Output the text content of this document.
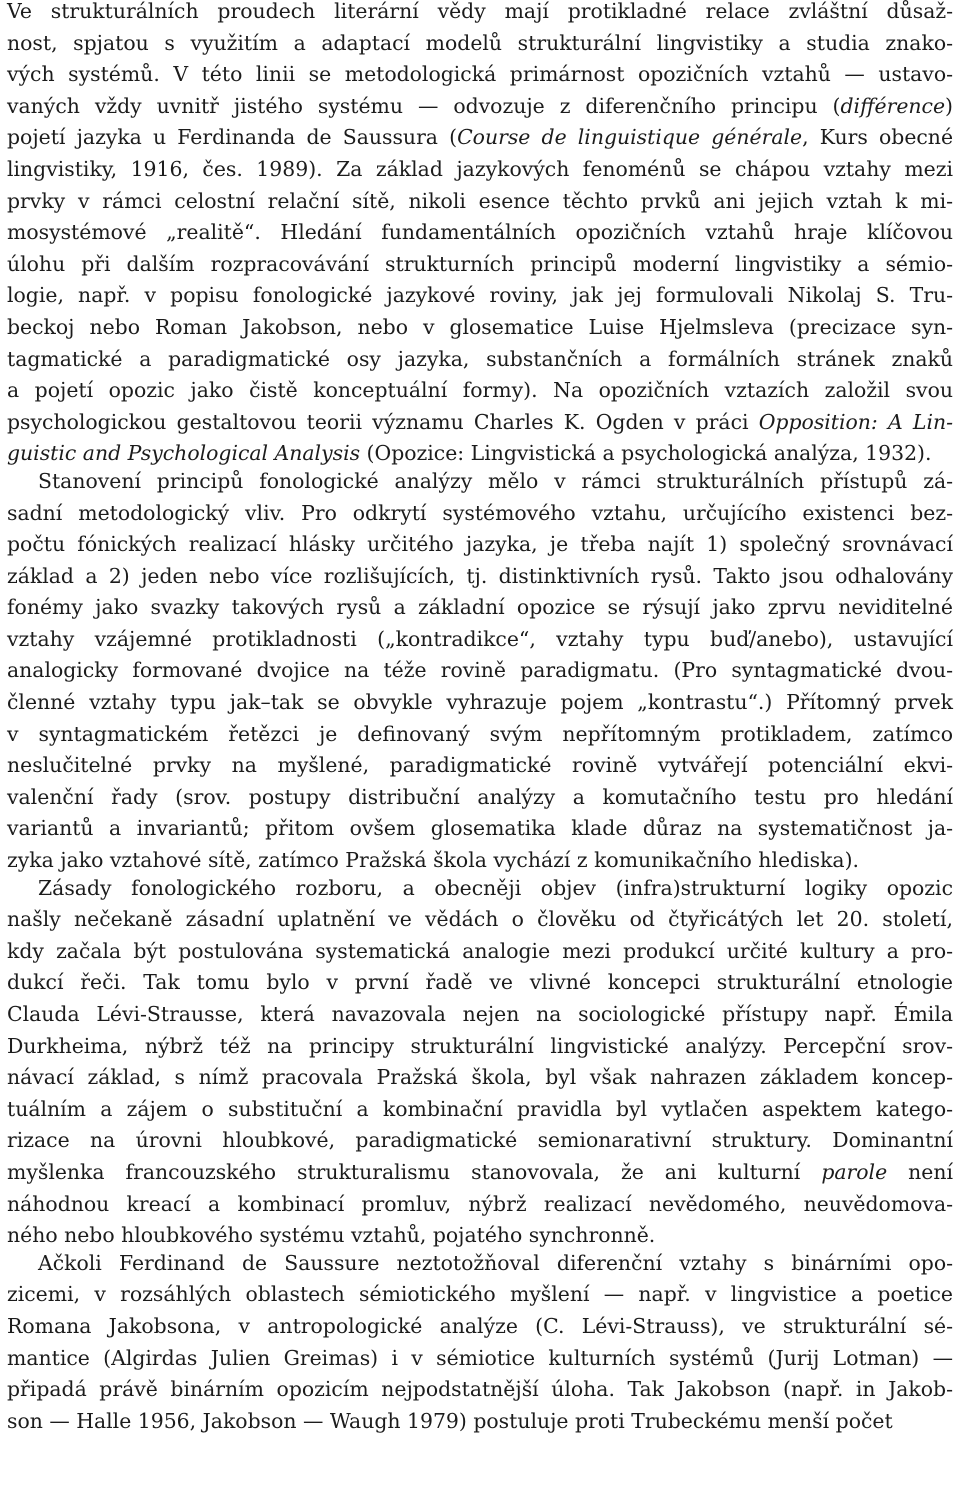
Ve strukturálních proudech literární vědy mají protikladné relace zvláštní důsaž-
nost, spjatou s využitím a adaptací modelů strukturální lingvistiky a studia znako-
vých systémů. V této linii se metodologická primárnost opozičních vztahů — ustavo-
vaných vždy uvnitř jistého systému — odvozuje z diferenčního principu (différence)
pojetí jazyka u Ferdinanda de Saussura (Course de linguistique générale, Kurs obecné
lingvistiky, 1916, čes. 1989). Za základ jazykových fenoménů se chápou vztahy mezi
prvky v rámci celostní relační sítě, nikoli esence těchto prvků ani jejich vztah k mi-
mosystémové „realitě“. Hledání fundamentálních opozičních vztahů hraje klíčovou
úlohu při dalším rozpracovávání strukturních principů moderní lingvistiky a sémio-
logie, např. v popisu fonologické jazykové roviny, jak jej formulovali Nikolaj S. Tru-
beckoj nebo Roman Jakobson, nebo v glosematice Luise Hjelmsleva (precizace syn-
tagmatické a paradigmatické osy jazyka, substančních a formálních stránek znaků
a pojetí opozic jako čistě konceptuální formy). Na opozičních vztazích založil svou
psychologickou gestaltovou teorii významu Charles K. Ogden v práci Opposition: A Lin-
guistic and Psychological Analysis (Opozice: Lingvistická a psychologická analýza, 1932).
Stanovení principů fonologické analýzy mělo v rámci strukturálních přístupů zá-
sadní metodologický vliv. Pro odkrytí systémového vztahu, určujícího existenci bez-
počtu fónických realizací hlásky určitého jazyka, je třeba najít 1) společný srovnávací
základ a 2) jeden nebo více rozlišujících, tj. distinktivních rysů. Takto jsou odhalovány
fonémy jako svazky takových rysů a základní opozice se rýsují jako zprvu neviditelné
vztahy vzájemné protikladnosti („kontradikce“, vztahy typu buď/anebo), ustavující
analogicky formované dvojice na téže rovině paradigmatu. (Pro syntagmatické dvou-
členné vztahy typu jak–tak se obvykle vyhrazuje pojem „kontrastu“.) Přítomný prvek
v syntagmatickém řetězci je definovaný svým nepřítomným protikladem, zatímco
neslučitelné prvky na myšlené, paradigmatické rovině vytvářejí potenciální ekvi-
valenční řady (srov. postupy distribuční analýzy a komutačního testu pro hledání
variantů a invariantů; přitom ovšem glosematika klade důraz na systematičnost ja-
zyka jako vztahové sítě, zatímco Pražská škola vychází z komunikačního hlediska).
Zásady fonologického rozboru, a obecněji objev (infra)strukturní logiky opozic
našly nečekaně zásadní uplatnění ve vědách o člověku od čtyřicátých let 20. století,
kdy začala být postulována systematická analogie mezi produkcí určité kultury a pro-
dukcí řeči. Tak tomu bylo v první řadě ve vlivné koncepci strukturální etnologie
Clauda Lévi-Strausse, která navazovala nejen na sociologické přístupy např. Émila
Durkheima, nýbrž též na principy strukturální lingvistické analýzy. Percepční srov-
návací základ, s nímž pracovala Pražská škola, byl však nahrazen základem koncep-
tuálním a zájem o substituční a kombinační pravidla byl vytlačen aspektem katego-
rizace na úrovni hloubkové, paradigmatické semionarativní struktury. Dominantní
myšlenka francouzského strukturalismu stanovovala, že ani kulturní parole není
náhodnou kreací a kombinací promluv, nýbrž realizací nevědomého, neuvědomova-
ného nebo hloubkového systému vztahů, pojatého synchronně.
Ačkoli Ferdinand de Saussure neztotožňoval diferenční vztahy s binárními opo-
zicemi, v rozsáhlých oblastech sémiotického myšlení — např. v lingvistice a poetice
Romana Jakobsona, v antropologické analýze (C. Lévi-Strauss), ve strukturální sé-
mantice (Algirdas Julien Greimas) i v sémiotice kulturních systémů (Jurij Lotman) —
připadá právě binárním opozicím nejpodstatnější úloha. Tak Jakobson (např. in Jakob-
son — Halle 1956, Jakobson — Waugh 1979) postuluje proti Trubeckému menší počet
